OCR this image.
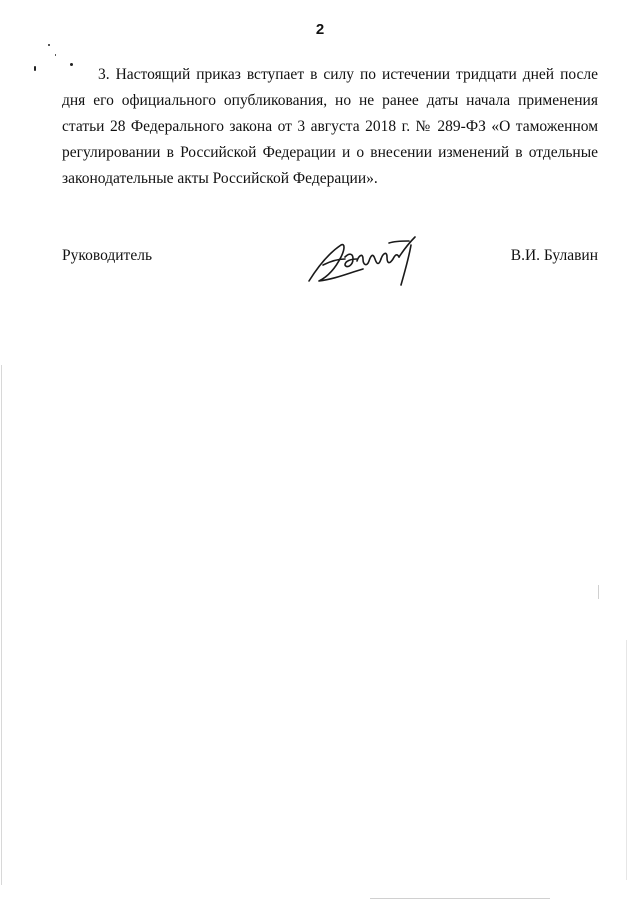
2

3. Настоящий приказ вступает в силу по истечении тридцати дней после дня его официального опубликования, но не ранее даты начала применения статьи 28 Федерального закона от 3 августа 2018 г. № 289-ФЗ «О таможенном регулировании в Российской Федерации и о внесении изменений в отдельные законодательные акты Российской Федерации».

Руководитель	В.И. Булавин
